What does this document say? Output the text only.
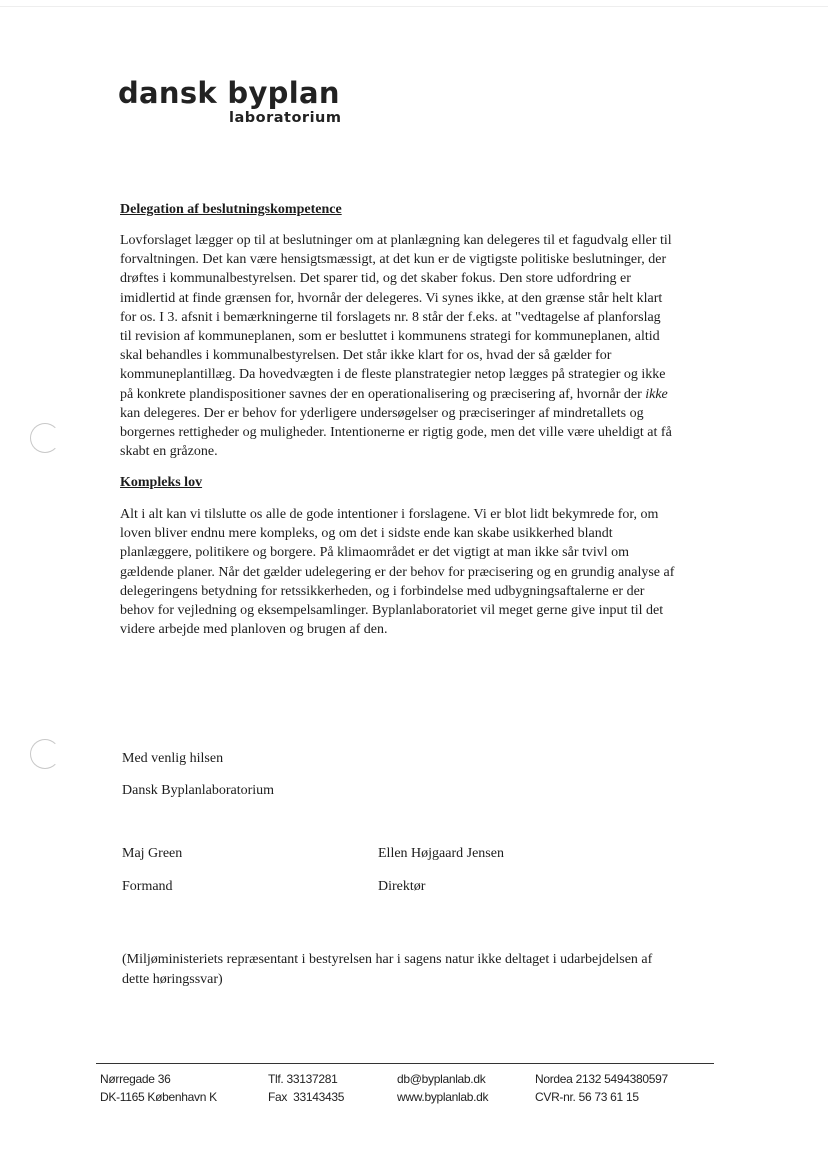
dansk byplan
laboratorium
Delegation af beslutningskompetence
Lovforslaget lægger op til at beslutninger om at planlægning kan delegeres til et fagudvalg eller til
forvaltningen. Det kan være hensigtsmæssigt, at det kun er de vigtigste politiske beslutninger, der
drøftes i kommunalbestyrelsen. Det sparer tid, og det skaber fokus. Den store udfordring er
imidlertid at finde grænsen for, hvornår der delegeres. Vi synes ikke, at den grænse står helt klart
for os. I 3. afsnit i bemærkningerne til forslagets nr. 8 står der f.eks. at "vedtagelse af planforslag
til revision af kommuneplanen, som er besluttet i kommunens strategi for kommuneplanen, altid
skal behandles i kommunalbestyrelsen. Det står ikke klart for os, hvad der så gælder for
kommuneplantillæg. Da hovedvægten i de fleste planstrategier netop lægges på strategier og ikke
på konkrete plandispositioner savnes der en operationalisering og præcisering af, hvornår der ikke
kan delegeres. Der er behov for yderligere undersøgelser og præciseringer af mindretallets og
borgernes rettigheder og muligheder. Intentionerne er rigtig gode, men det ville være uheldigt at få
skabt en gråzone.
Kompleks lov
Alt i alt kan vi tilslutte os alle de gode intentioner i forslagene. Vi er blot lidt bekymrede for, om
loven bliver endnu mere kompleks, og om det i sidste ende kan skabe usikkerhed blandt
planlæggere, politikere og borgere. På klimaområdet er det vigtigt at man ikke sår tvivl om
gældende planer. Når det gælder udelegering er der behov for præcisering og en grundig analyse af
delegeringens betydning for retssikkerheden, og i forbindelse med udbygningsaftalerne er der
behov for vejledning og eksempelsamlinger. Byplanlaboratoriet vil meget gerne give input til det
videre arbejde med planloven og brugen af den.
Med venlig hilsen
Dansk Byplanlaboratorium
Maj Green
Formand
Ellen Højgaard Jensen
Direktør
(Miljøministeriets repræsentant i bestyrelsen har i sagens natur ikke deltaget i udarbejdelsen af
dette høringssvar)
Nørregade 36
DK-1165 København K
Tlf. 33137281
Fax  33143435
db@byplanlab.dk
www.byplanlab.dk
Nordea 2132 5494380597
CVR-nr. 56 73 61 15
